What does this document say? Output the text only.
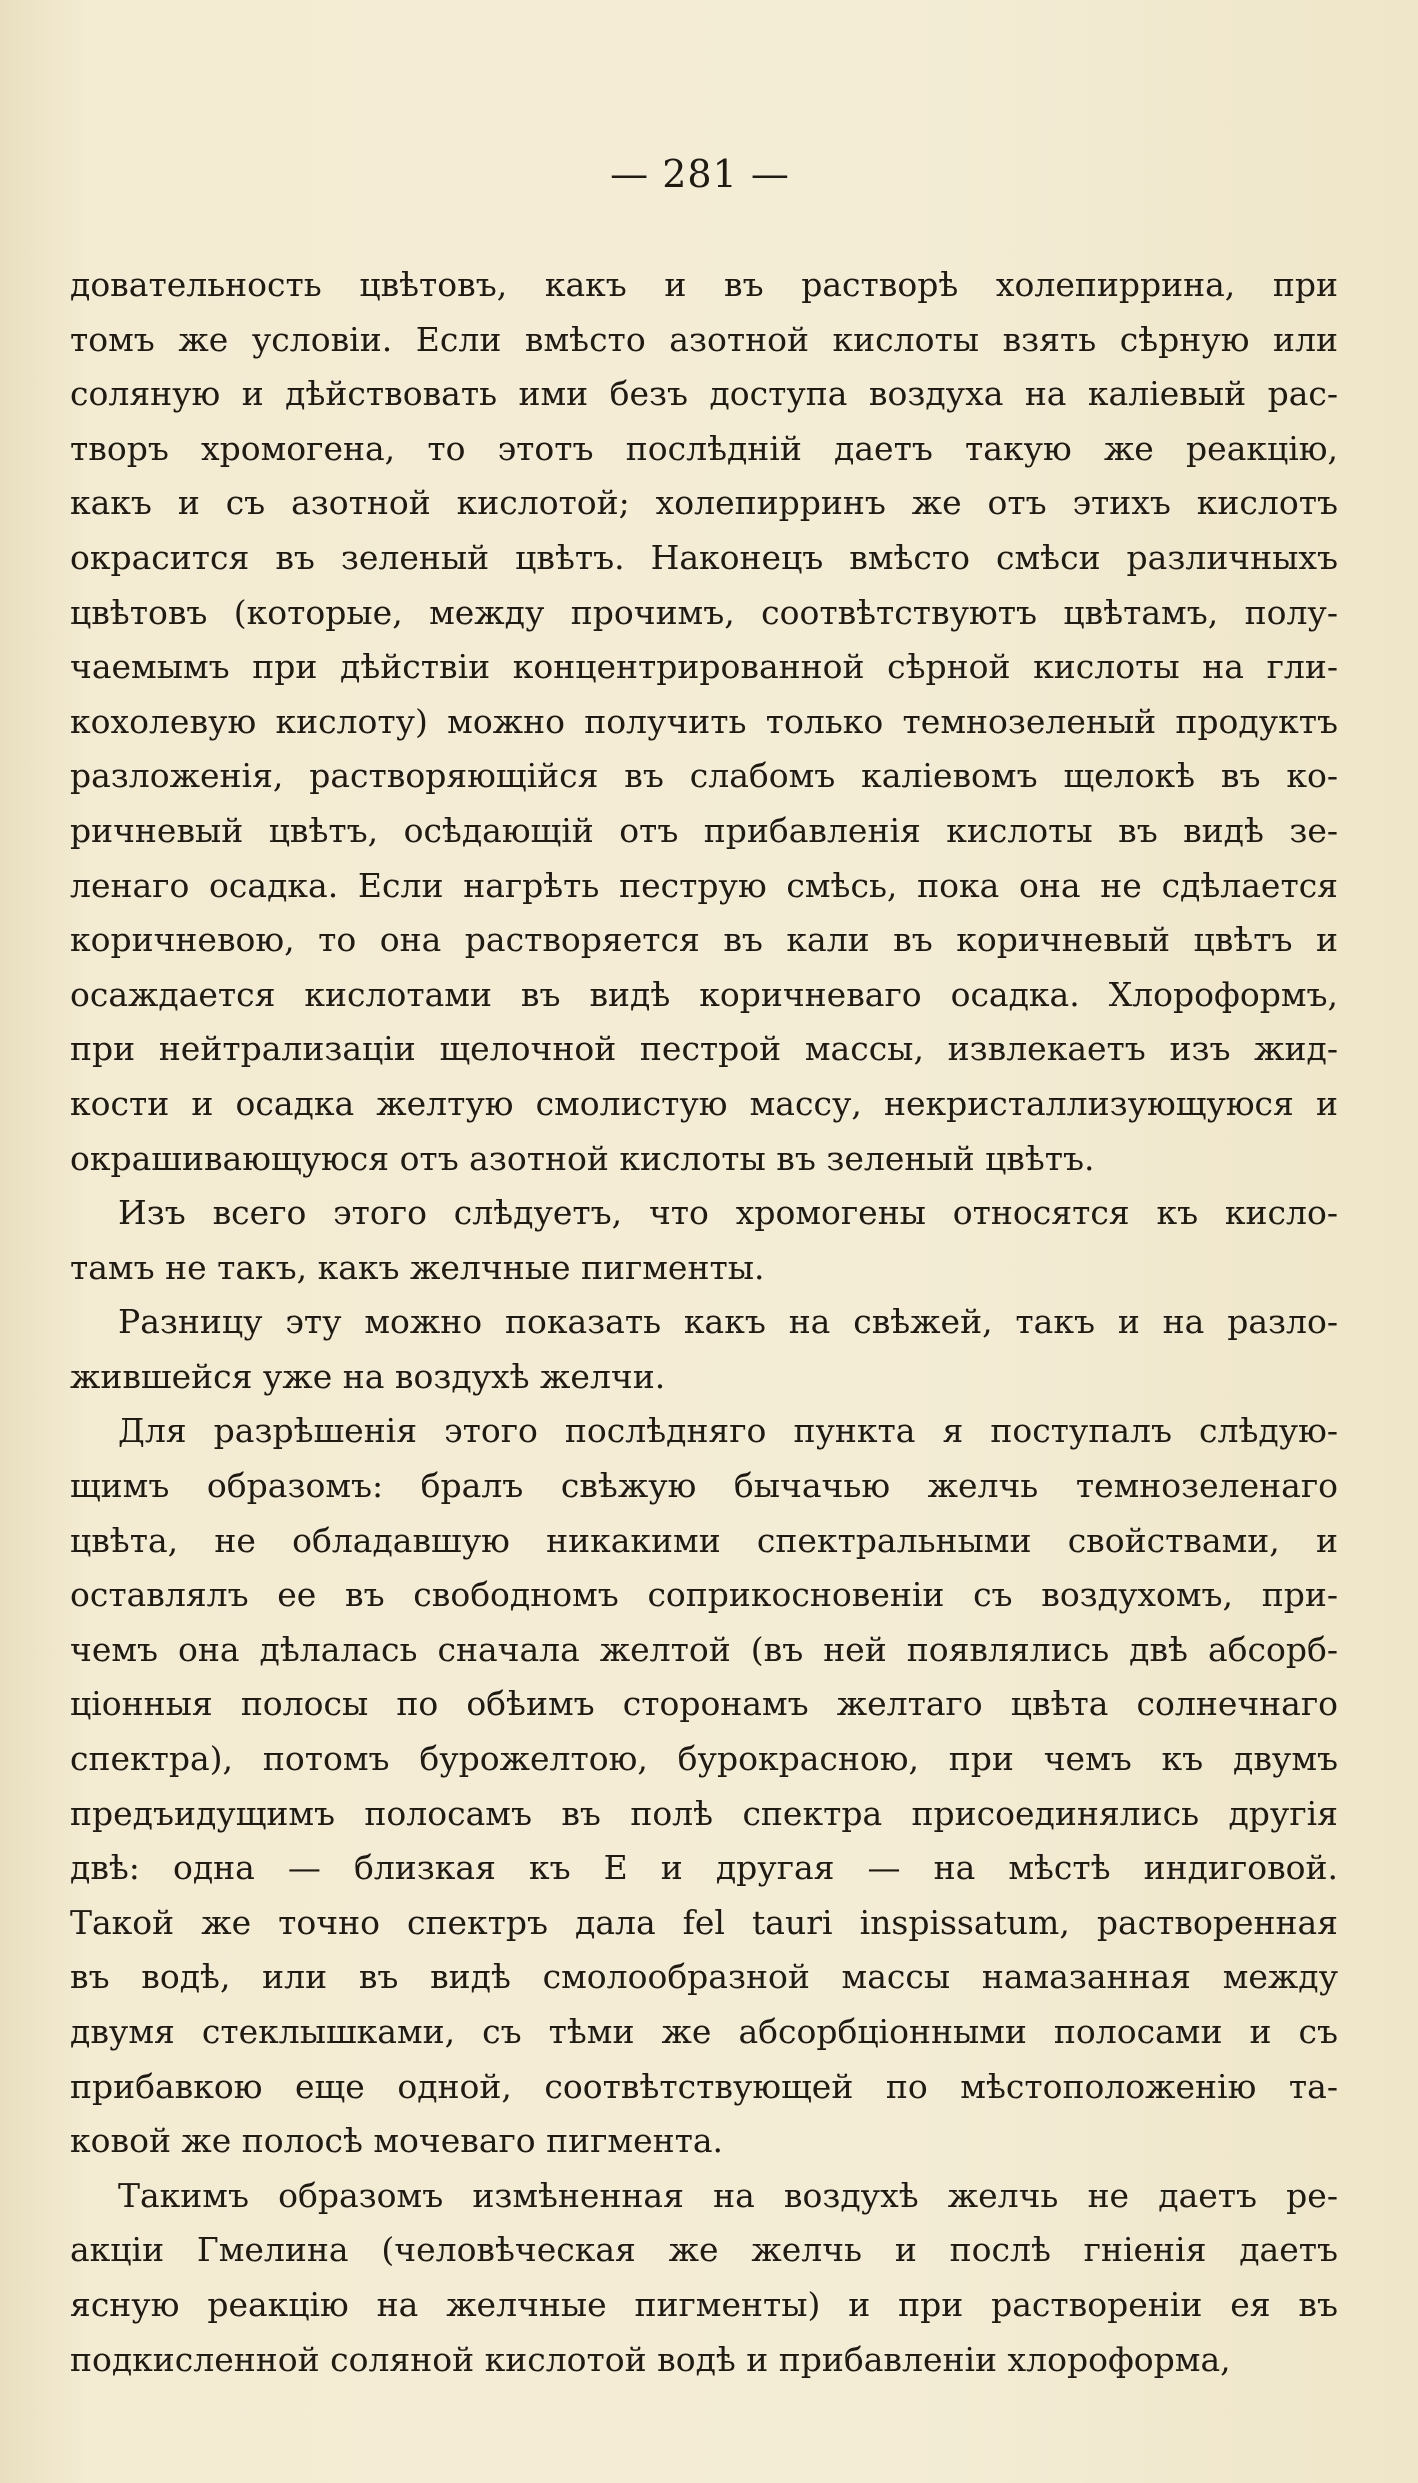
— 281 —
довательность цвѣтовъ, какъ и въ растворѣ холепиррина, при
томъ же условіи. Если вмѣсто азотной кислоты взять сѣрную или
соляную и дѣйствовать ими безъ доступа воздуха на каліевый рас-
творъ хромогена, то этотъ послѣдній даетъ такую же реакцію,
какъ и съ азотной кислотой; холепирринъ же отъ этихъ кислотъ
окрасится въ зеленый цвѣтъ. Наконецъ вмѣсто смѣси различныхъ
цвѣтовъ (которые, между прочимъ, соотвѣтствуютъ цвѣтамъ, полу-
чаемымъ при дѣйствіи концентрированной сѣрной кислоты на гли-
кохолевую кислоту) можно получить только темнозеленый продуктъ
разложенія, растворяющійся въ слабомъ каліевомъ щелокѣ въ ко-
ричневый цвѣтъ, осѣдающій отъ прибавленія кислоты въ видѣ зе-
ленаго осадка. Если нагрѣть пеструю смѣсь, пока она не сдѣлается
коричневою, то она растворяется въ кали въ коричневый цвѣтъ и
осаждается кислотами въ видѣ коричневаго осадка. Хлороформъ,
при нейтрализаціи щелочной пестрой массы, извлекаетъ изъ жид-
кости и осадка желтую смолистую массу, некристаллизующуюся и
окрашивающуюся отъ азотной кислоты въ зеленый цвѣтъ.
Изъ всего этого слѣдуетъ, что хромогены относятся къ кисло-
тамъ не такъ, какъ желчные пигменты.
Разницу эту можно показать какъ на свѣжей, такъ и на разло-
жившейся уже на воздухѣ желчи.
Для разрѣшенія этого послѣдняго пункта я поступалъ слѣдую-
щимъ образомъ: бралъ свѣжую бычачью желчь темнозеленаго
цвѣта, не обладавшую никакими спектральными свойствами, и
оставлялъ ее въ свободномъ соприкосновеніи съ воздухомъ, при-
чемъ она дѣлалась сначала желтой (въ ней появлялись двѣ абсорб-
ціонныя полосы по обѣимъ сторонамъ желтаго цвѣта солнечнаго
спектра), потомъ бурожелтою, бурокрасною, при чемъ къ двумъ
предъидущимъ полосамъ въ полѣ спектра присоединялись другія
двѣ: одна — близкая къ E и другая — на мѣстѣ индиговой.
Такой же точно спектръ дала fel tauri inspissatum, растворенная
въ водѣ, или въ видѣ смолообразной массы намазанная между
двумя стеклышками, съ тѣми же абсорбціонными полосами и съ
прибавкою еще одной, соотвѣтствующей по мѣстоположенію та-
ковой же полосѣ мочеваго пигмента.
Такимъ образомъ измѣненная на воздухѣ желчь не даетъ ре-
акціи Гмелина (человѣческая же желчь и послѣ гніенія даетъ
ясную реакцію на желчные пигменты) и при раствореніи ея въ
подкисленной соляной кислотой водѣ и прибавленіи хлороформа,
